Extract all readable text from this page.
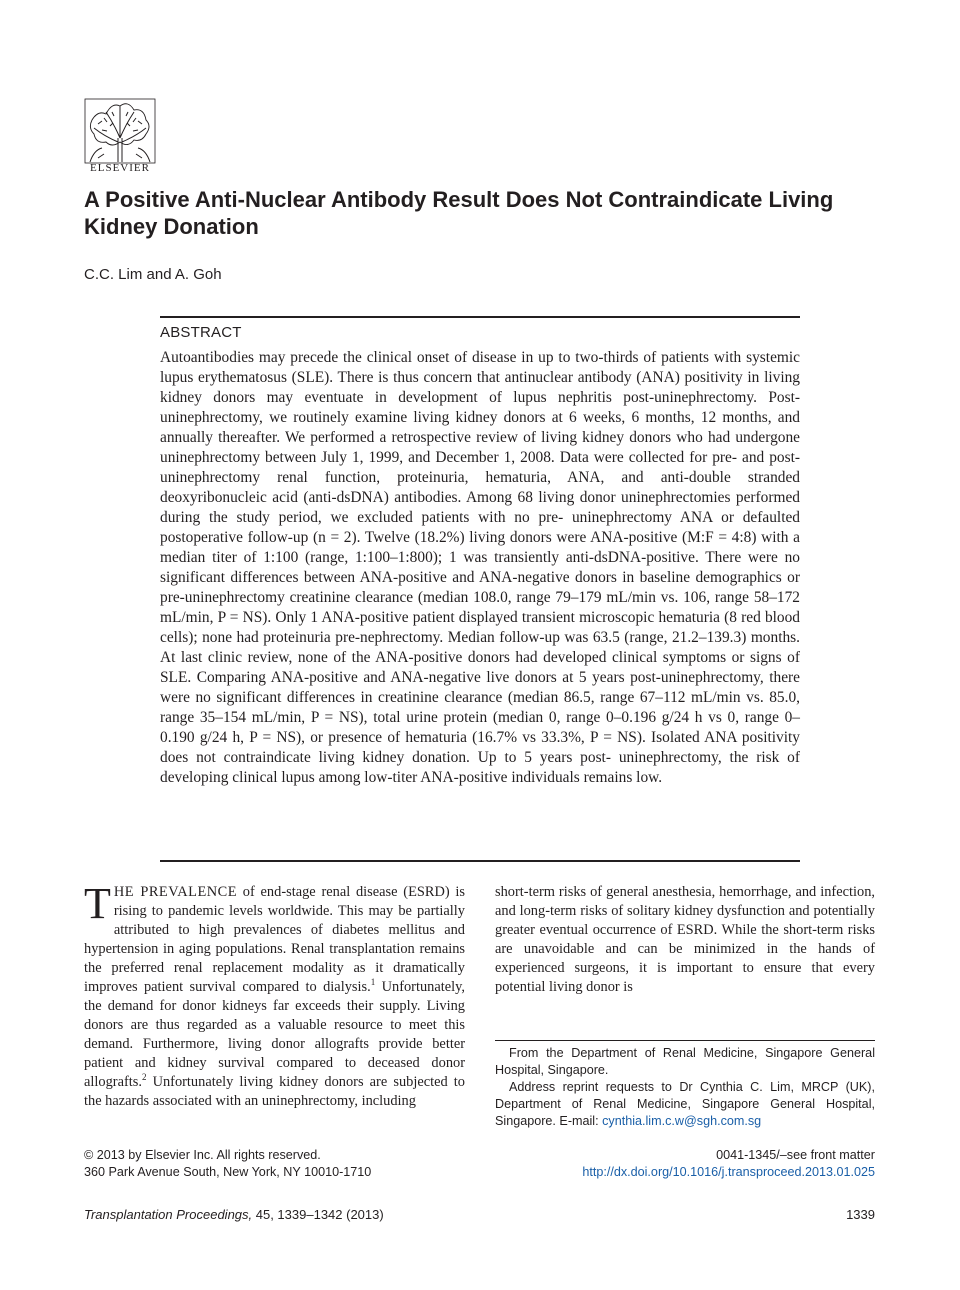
ELSEVIER
A Positive Anti-Nuclear Antibody Result Does Not Contraindicate Living Kidney Donation
C.C. Lim and A. Goh
ABSTRACT

Autoantibodies may precede the clinical onset of disease in up to two-thirds of patients with systemic lupus erythematosus (SLE). There is thus concern that antinuclear antibody (ANA) positivity in living kidney donors may eventuate in development of lupus nephritis post-uninephrectomy. Post-uninephrectomy, we routinely examine living kidney donors at 6 weeks, 6 months, 12 months, and annually thereafter. We performed a retrospective review of living kidney donors who had undergone uninephrectomy between July 1, 1999, and December 1, 2008. Data were collected for pre- and post-uninephrectomy renal function, proteinuria, hematuria, ANA, and anti-double stranded deoxyribonucleic acid (anti-dsDNA) antibodies. Among 68 living donor uninephrectomies performed during the study period, we excluded patients with no pre- uninephrectomy ANA or defaulted postoperative follow-up (n = 2). Twelve (18.2%) living donors were ANA-positive (M:F = 4:8) with a median titer of 1:100 (range, 1:100–1:800); 1 was transiently anti-dsDNA-positive. There were no significant differences between ANA-positive and ANA-negative donors in baseline demographics or pre-uninephrectomy creatinine clearance (median 108.0, range 79–179 mL/min vs. 106, range 58–172 mL/min, P = NS). Only 1 ANA-positive patient displayed transient microscopic hematuria (8 red blood cells); none had proteinuria pre-nephrectomy. Median follow-up was 63.5 (range, 21.2–139.3) months. At last clinic review, none of the ANA-positive donors had developed clinical symptoms or signs of SLE. Comparing ANA-positive and ANA-negative live donors at 5 years post-uninephrectomy, there were no significant differences in creatinine clearance (median 86.5, range 67–112 mL/min vs. 85.0, range 35–154 mL/min, P = NS), total urine protein (median 0, range 0–0.196 g/24 h vs 0, range 0–0.190 g/24 h, P = NS), or presence of hematuria (16.7% vs 33.3%, P = NS). Isolated ANA positivity does not contraindicate living kidney donation. Up to 5 years post- uninephrectomy, the risk of developing clinical lupus among low-titer ANA-positive individuals remains low.

THE PREVALENCE of end-stage renal disease (ESRD) is rising to pandemic levels worldwide. This may be partially attributed to high prevalences of diabetes mellitus and hypertension in aging populations. Renal transplantation remains the preferred renal replacement modality as it dramatically improves patient survival compared to dialysis.$^1$ Unfortunately, the demand for donor kidneys far exceeds their supply. Living donors are thus regarded as a valuable resource to meet this demand. Furthermore, living donor allografts provide better patient and kidney survival compared to deceased donor allografts.$^2$ Unfortunately living kidney donors are subjected to the hazards associated with an uninephrectomy, including

short-term risks of general anesthesia, hemorrhage, and infection, and long-term risks of solitary kidney dysfunction and potentially greater eventual occurrence of ESRD. While the short-term risks are unavoidable and can be minimized in the hands of experienced surgeons, it is important to ensure that every potential living donor is

From the Department of Renal Medicine, Singapore General Hospital, Singapore.

Address reprint requests to Dr Cynthia C. Lim, MRCP (UK), Department of Renal Medicine, Singapore General Hospital, Singapore. E-mail: cynthia.lim.c.w@sgh.com.sg

© 2013 by Elsevier Inc. All rights reserved.

360 Park Avenue South, New York, NY 10010-1710

0041-1345/–see front matter

http://dx.doi.org/10.1016/j.transproceed.2013.01.025

Transplantation Proceedings, 45, 1339–1342 (2013)	1339
